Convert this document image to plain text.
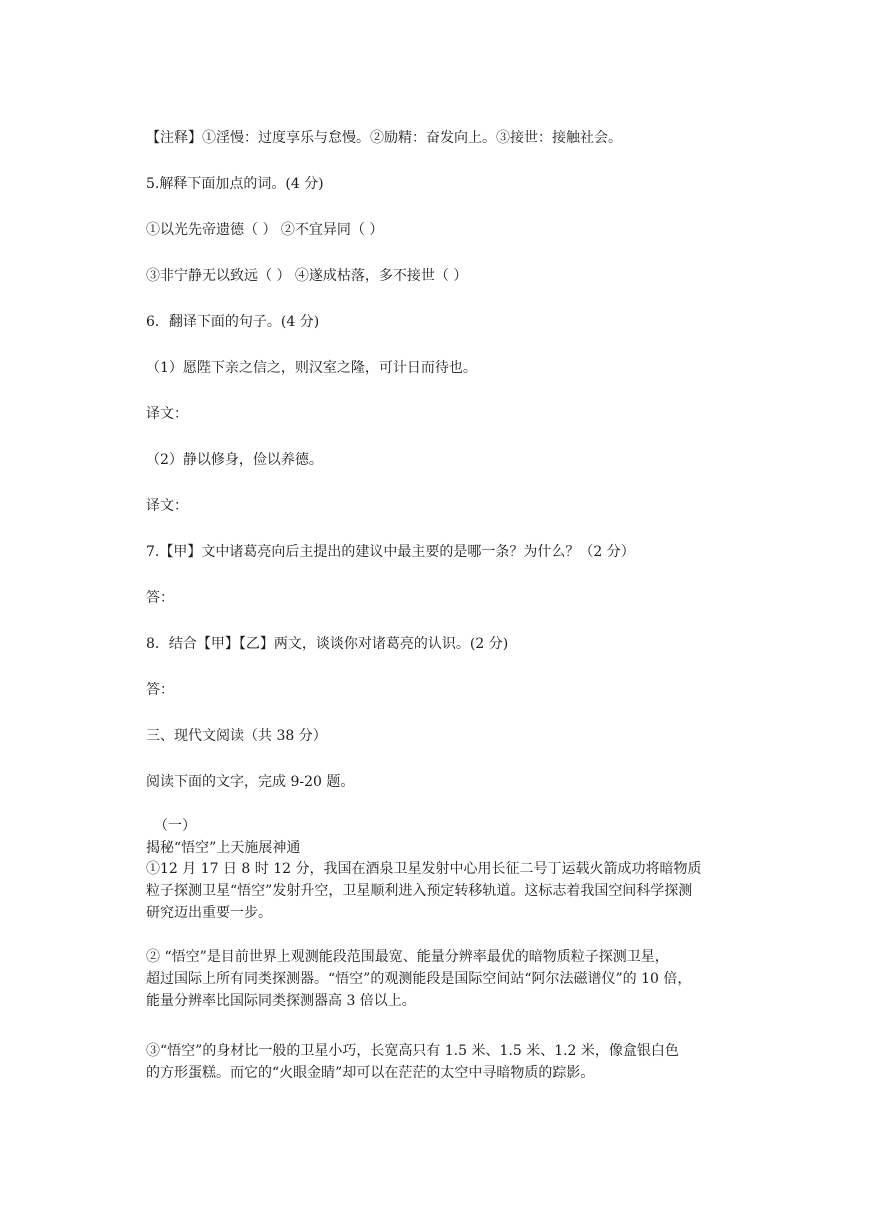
【注释】①淫慢：过度享乐与怠慢。②励精：奋发向上。③接世：接触社会。
5.解释下面加点的词。(4 分)
①以光先帝遗德（ ） ②不宜异同（ ）
③非宁静无以致远（ ） ④遂成枯落，多不接世（ ）
6．翻译下面的句子。(4 分)
（1）愿陛下亲之信之，则汉室之隆，可计日而待也。
译文：
（2）静以修身，俭以养德。
译文：
7.【甲】文中诸葛亮向后主提出的建议中最主要的是哪一条？为什么？（2 分）
答：
8．结合【甲】【乙】两文，谈谈你对诸葛亮的认识。(2 分)
答：
三、现代文阅读（共 38 分）
阅读下面的文字，完成 9-20 题。
（一）
揭秘“悟空”上天施展神通

①12 月 17 日 8 时 12 分，我国在酒泉卫星发射中心用长征二号丁运载火箭成功将暗物质

粒子探测卫星“悟空”发射升空，卫星顺利进入预定转移轨道。这标志着我国空间科学探测

研究迈出重要一步。

② “悟空”是目前世界上观测能段范围最宽、能量分辨率最优的暗物质粒子探测卫星，

超过国际上所有同类探测器。“悟空”的观测能段是国际空间站“阿尔法磁谱仪”的 10 倍，

能量分辨率比国际同类探测器高 3 倍以上。

③“悟空”的身材比一般的卫星小巧，长宽高只有 1.5 米、1.5 米、1.2 米，像盒银白色

的方形蛋糕。而它的“火眼金睛”却可以在茫茫的太空中寻暗物质的踪影。
